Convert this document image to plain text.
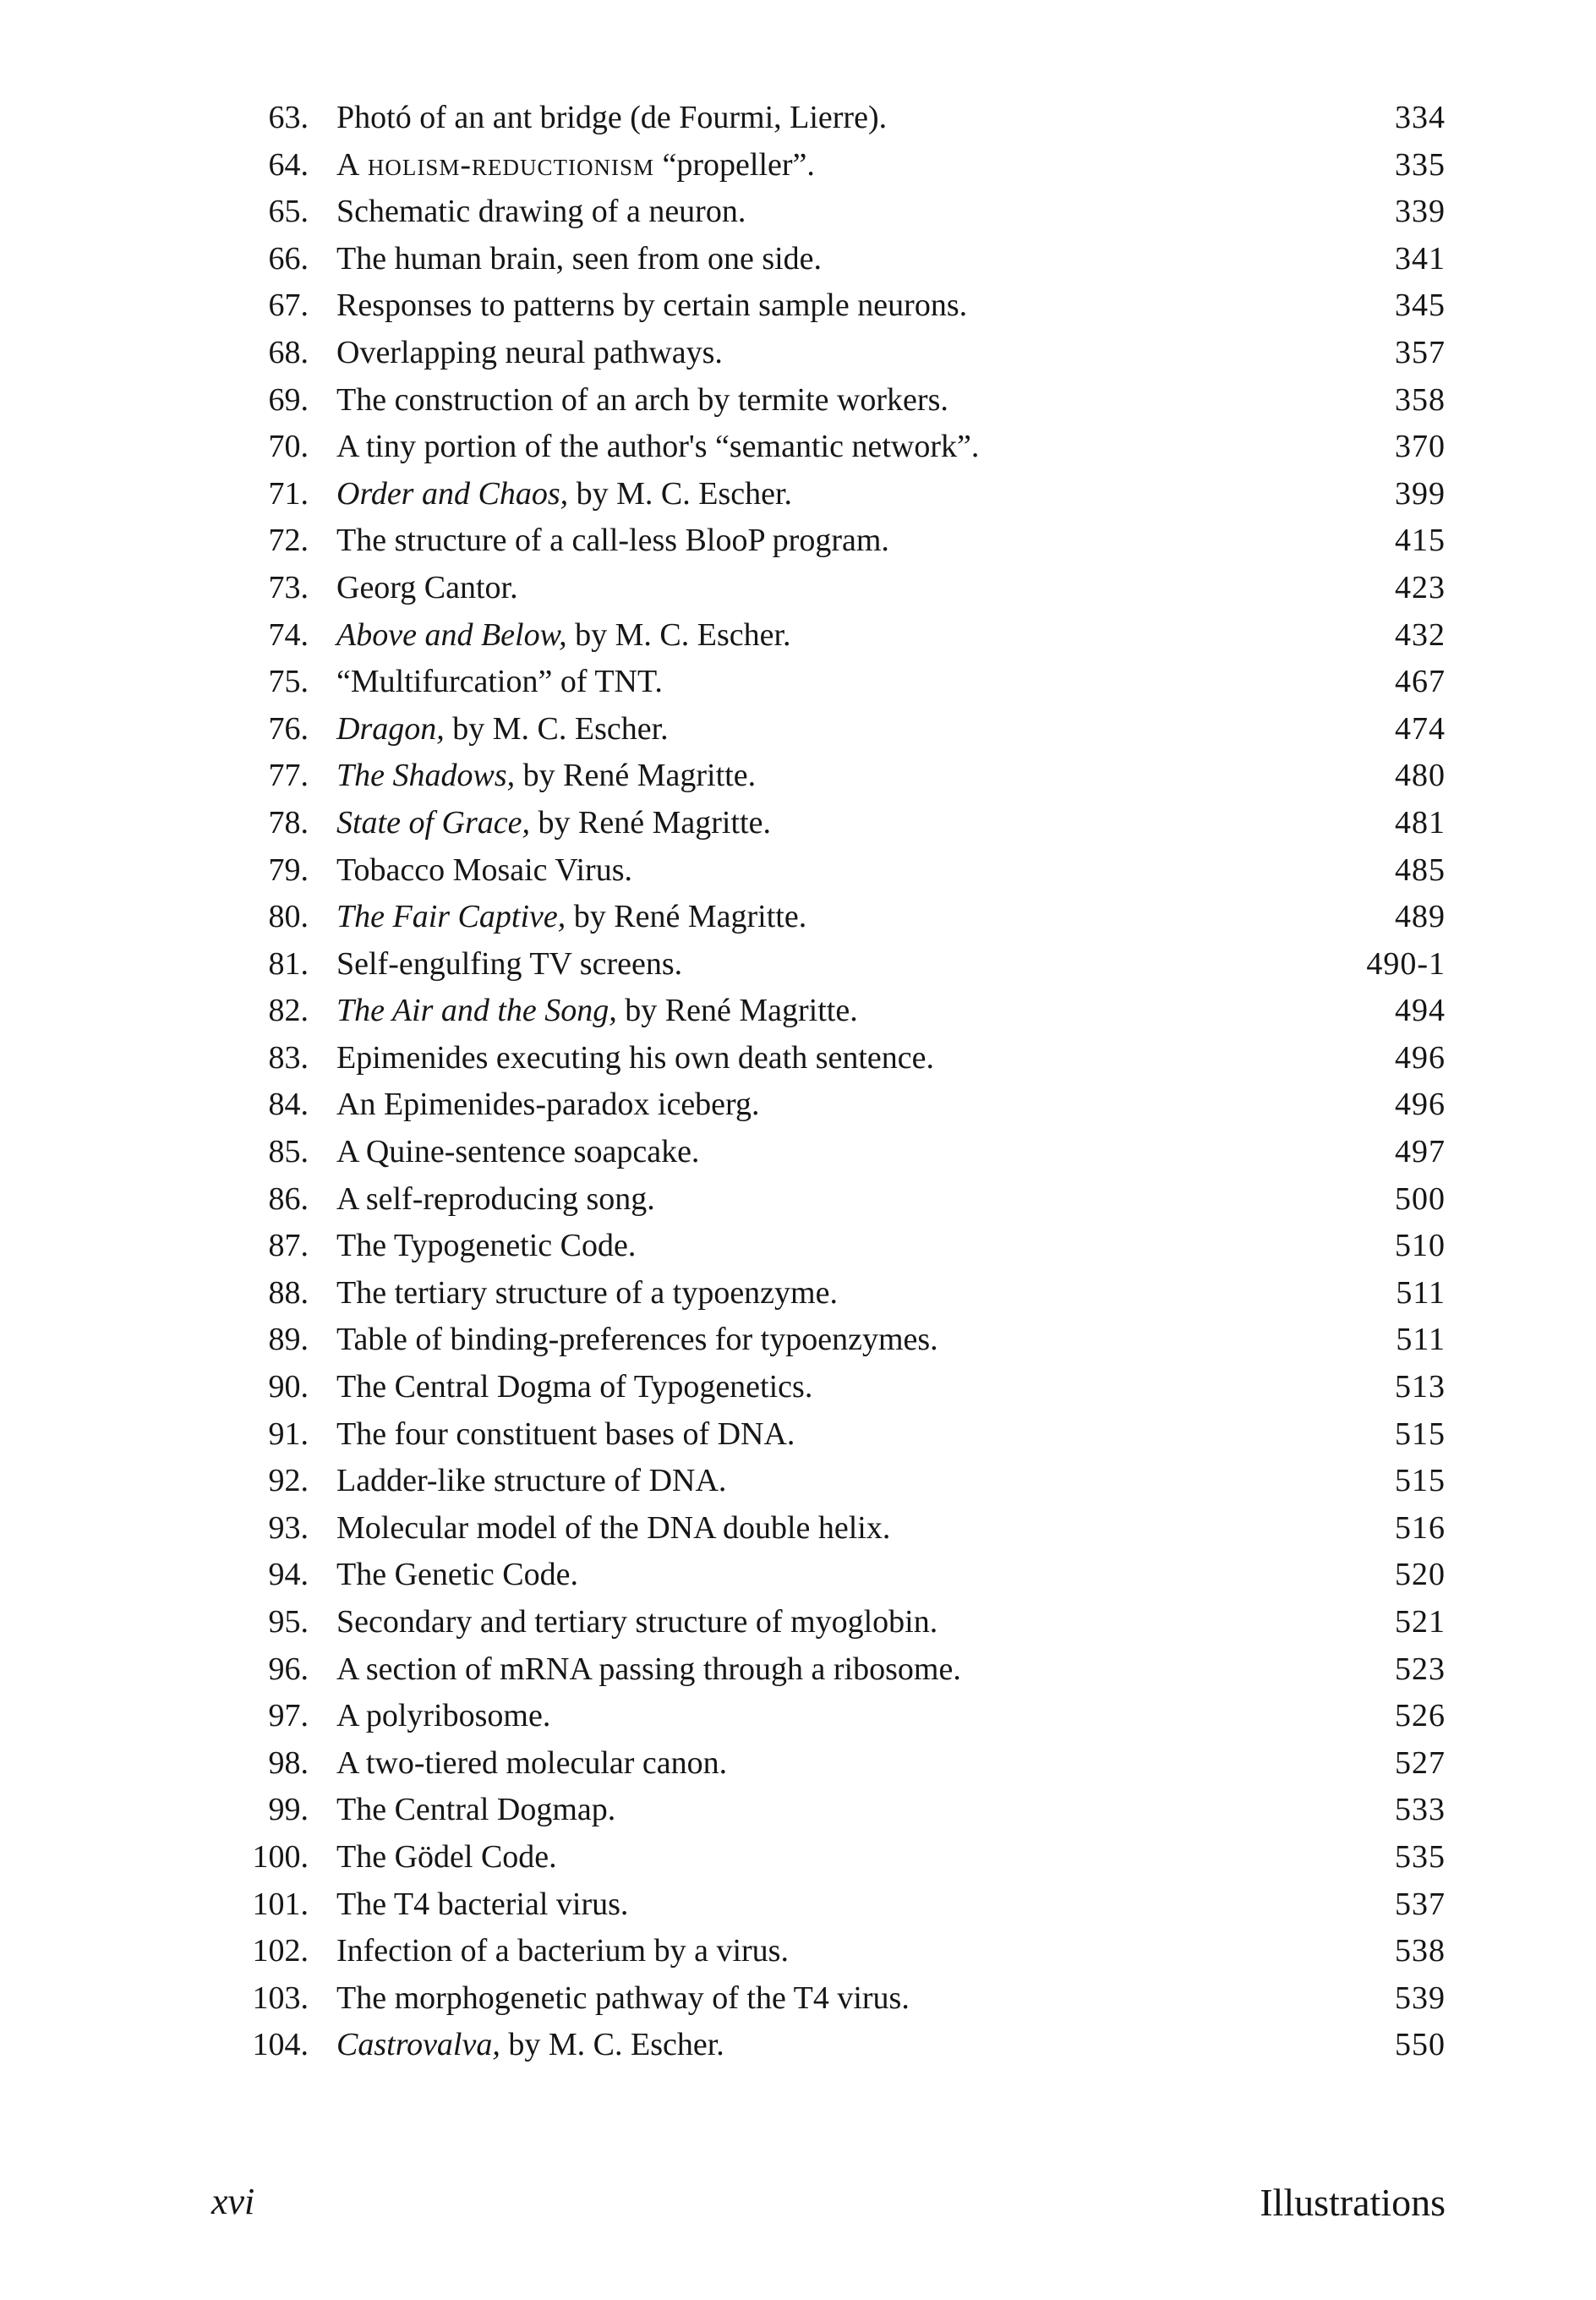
63. Photó of an ant bridge (de Fourmi, Lierre).	334
64. A holism-reductionism “propeller”.	335
65. Schematic drawing of a neuron.	339
66. The human brain, seen from one side.	341
67. Responses to patterns by certain sample neurons.	345
68. Overlapping neural pathways.	357
69. The construction of an arch by termite workers.	358
70. A tiny portion of the author's “semantic network”.	370
71. Order and Chaos, by M. C. Escher.	399
72. The structure of a call-less BlooP program.	415
73. Georg Cantor.	423
74. Above and Below, by M. C. Escher.	432
75. “Multifurcation” of TNT.	467
76. Dragon, by M. C. Escher.	474
77. The Shadows, by René Magritte.	480
78. State of Grace, by René Magritte.	481
79. Tobacco Mosaic Virus.	485
80. The Fair Captive, by René Magritte.	489
81. Self-engulfing TV screens.	490-1
82. The Air and the Song, by René Magritte.	494
83. Epimenides executing his own death sentence.	496
84. An Epimenides-paradox iceberg.	496
85. A Quine-sentence soapcake.	497
86. A self-reproducing song.	500
87. The Typogenetic Code.	510
88. The tertiary structure of a typoenzyme.	511
89. Table of binding-preferences for typoenzymes.	511
90. The Central Dogma of Typogenetics.	513
91. The four constituent bases of DNA.	515
92. Ladder-like structure of DNA.	515
93. Molecular model of the DNA double helix.	516
94. The Genetic Code.	520
95. Secondary and tertiary structure of myoglobin.	521
96. A section of mRNA passing through a ribosome.	523
97. A polyribosome.	526
98. A two-tiered molecular canon.	527
99. The Central Dogmap.	533
100. The Gödel Code.	535
101. The T4 bacterial virus.	537
102. Infection of a bacterium by a virus.	538
103. The morphogenetic pathway of the T4 virus.	539
104. Castrovalva, by M. C. Escher.	550
xvi	Illustrations
